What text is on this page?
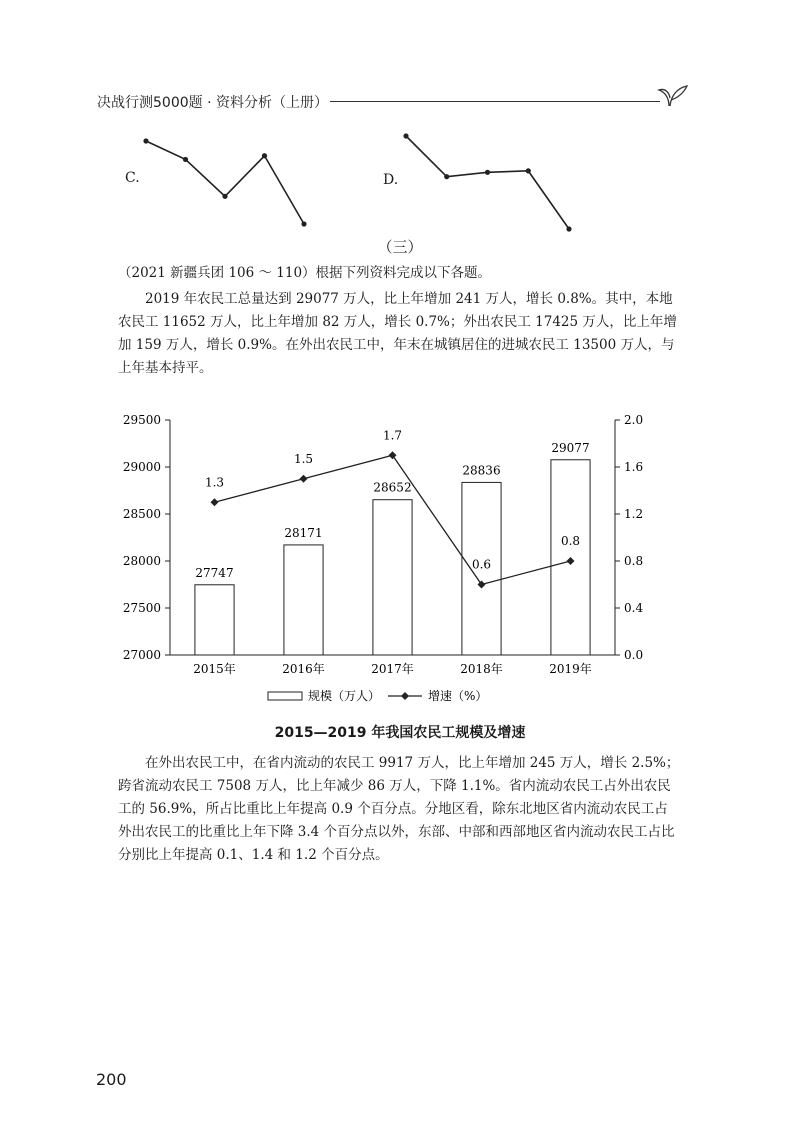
决战行测5000题 · 资料分析（上册）
C.	D.
（三）

（2021 新疆兵团 106 ～ 110）根据下列资料完成以下各题。

2019 年农民工总量达到 29077 万人，比上年增加 241 万人，增长 0.8%。其中，本地农民工 11652 万人，比上年增加 82 万人，增长 0.7%；外出农民工 17425 万人，比上年增加 159 万人，增长 0.9%。在外出农民工中，年末在城镇居住的进城农民工 13500 万人，与上年基本持平。

27000
27500
28000
28500
29000
29500
0.0
0.4
0.8
1.2
1.6
2.0
27747
2015年
28171
2016年
28652
2017年
28836
2018年
29077
2019年
1.3
1.5
1.7
0.6
0.8
规模（万人）	增速（%）
2015—2019 年我国农民工规模及增速

在外出农民工中，在省内流动的农民工 9917 万人，比上年增加 245 万人，增长 2.5%；跨省流动农民工 7508 万人，比上年减少 86 万人，下降 1.1%。省内流动农民工占外出农民工的 56.9%，所占比重比上年提高 0.9 个百分点。分地区看，除东北地区省内流动农民工占外出农民工的比重比上年下降 3.4 个百分点以外，东部、中部和西部地区省内流动农民工占比分别比上年提高 0.1、1.4 和 1.2 个百分点。

200
